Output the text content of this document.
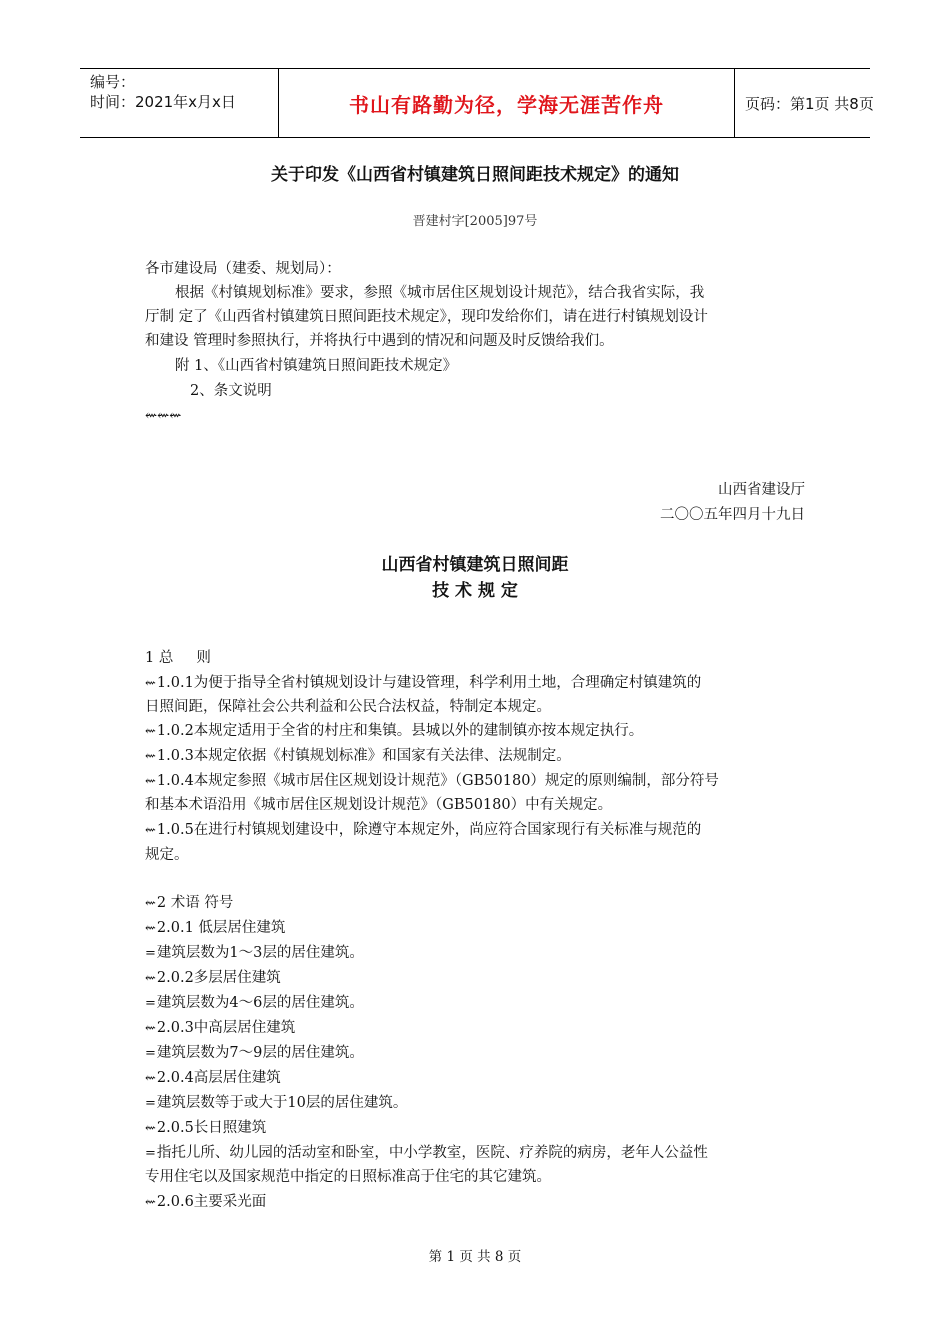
编号：
时间：2021年x月x日	书山有路勤为径，学海无涯苦作舟	页码：第1页 共8页
关于印发《山西省村镇建筑日照间距技术规定》的通知
晋建村字[2005]97号
各市建设局（建委、规划局）：
根据《村镇规划标准》要求，参照《城市居住区规划设计规范》，结合我省实际，我
厅制 定了《山西省村镇建筑日照间距技术规定》，现印发给你们，请在进行村镇规划设计
和建设 管理时参照执行，并将执行中遇到的情况和问题及时反馈给我们。
附 1、《山西省村镇建筑日照间距技术规定》
2、条文说明
⇜⇜⇜
山西省建设厅
二〇〇五年四月十九日
山西省村镇建筑日照间距
技 术 规 定
1 总     则
⇜1.0.1为便于指导全省村镇规划设计与建设管理，科学利用土地，合理确定村镇建筑的
日照间距，保障社会公共利益和公民合法权益，特制定本规定。
⇜1.0.2本规定适用于全省的村庄和集镇。县城以外的建制镇亦按本规定执行。
⇜1.0.3本规定依据《村镇规划标准》和国家有关法律、法规制定。
⇜1.0.4本规定参照《城市居住区规划设计规范》（GB50180）规定的原则编制，部分符号
和基本术语沿用《城市居住区规划设计规范》（GB50180）中有关规定。
⇜1.0.5在进行村镇规划建设中，除遵守本规定外，尚应符合国家现行有关标准与规范的
规定。
⇜2 术语 符号
⇜2.0.1 低层居住建筑
=建筑层数为1～3层的居住建筑。
⇜2.0.2多层居住建筑
=建筑层数为4～6层的居住建筑。
⇜2.0.3中高层居住建筑
=建筑层数为7～9层的居住建筑。
⇜2.0.4高层居住建筑
=建筑层数等于或大于10层的居住建筑。
⇜2.0.5长日照建筑
=指托儿所、幼儿园的活动室和卧室，中小学教室，医院、疗养院的病房，老年人公益性
专用住宅以及国家规范中指定的日照标准高于住宅的其它建筑。
⇜2.0.6主要采光面
第 1 页 共 8 页
